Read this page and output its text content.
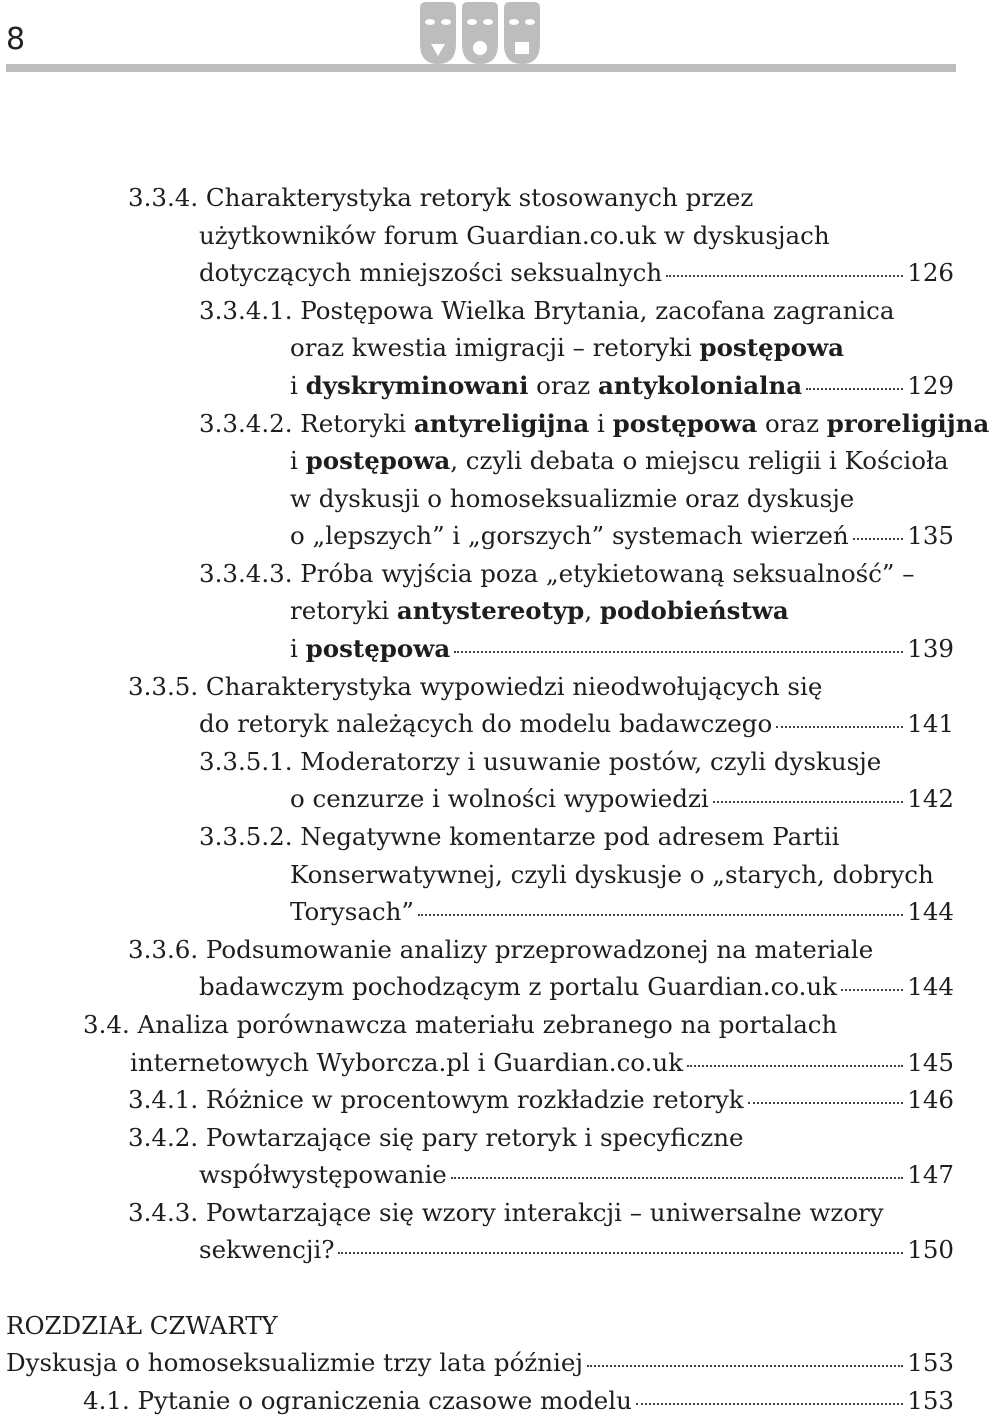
8
3.3.4. Charakterystyka retoryk stosowanych przez
użytkowników forum Guardian.co.uk w dyskusjach
dotyczących mniejszości seksualnych	126
3.3.4.1. Postępowa Wielka Brytania, zacofana zagranica
oraz kwestia imigracji – retoryki postępowa
i dyskryminowani oraz antykolonialna	129
3.3.4.2. Retoryki antyreligijna i postępowa oraz proreligijna
i postępowa, czyli debata o miejscu religii i Kościoła
w dyskusji o homoseksualizmie oraz dyskusje
o „lepszych” i „gorszych” systemach wierzeń 135
3.3.4.3. Próba wyjścia poza „etykietowaną seksualność” –
retoryki antystereotyp, podobieństwa
i postępowa	139
3.3.5. Charakterystyka wypowiedzi nieodwołujących się
do retoryk należących do modelu badawczego	141
3.3.5.1. Moderatorzy i usuwanie postów, czyli dyskusje
o cenzurze i wolności wypowiedzi	142
3.3.5.2. Negatywne komentarze pod adresem Partii
Konserwatywnej, czyli dyskusje o „starych, dobrych
Torysach”	144
3.3.6. Podsumowanie analizy przeprowadzonej na materiale
badawczym pochodzącym z portalu Guardian.co.uk	144
3.4. Analiza porównawcza materiału zebranego na portalach
internetowych Wyborcza.pl i Guardian.co.uk	145
3.4.1. Różnice w procentowym rozkładzie retoryk	146
3.4.2. Powtarzające się pary retoryk i specyficzne
współwystępowanie	147
3.4.3. Powtarzające się wzory interakcji – uniwersalne wzory
sekwencji?	150
ROZDZIAŁ CZWARTY
Dyskusja o homoseksualizmie trzy lata później	153
4.1. Pytanie o ograniczenia czasowe modelu	153
